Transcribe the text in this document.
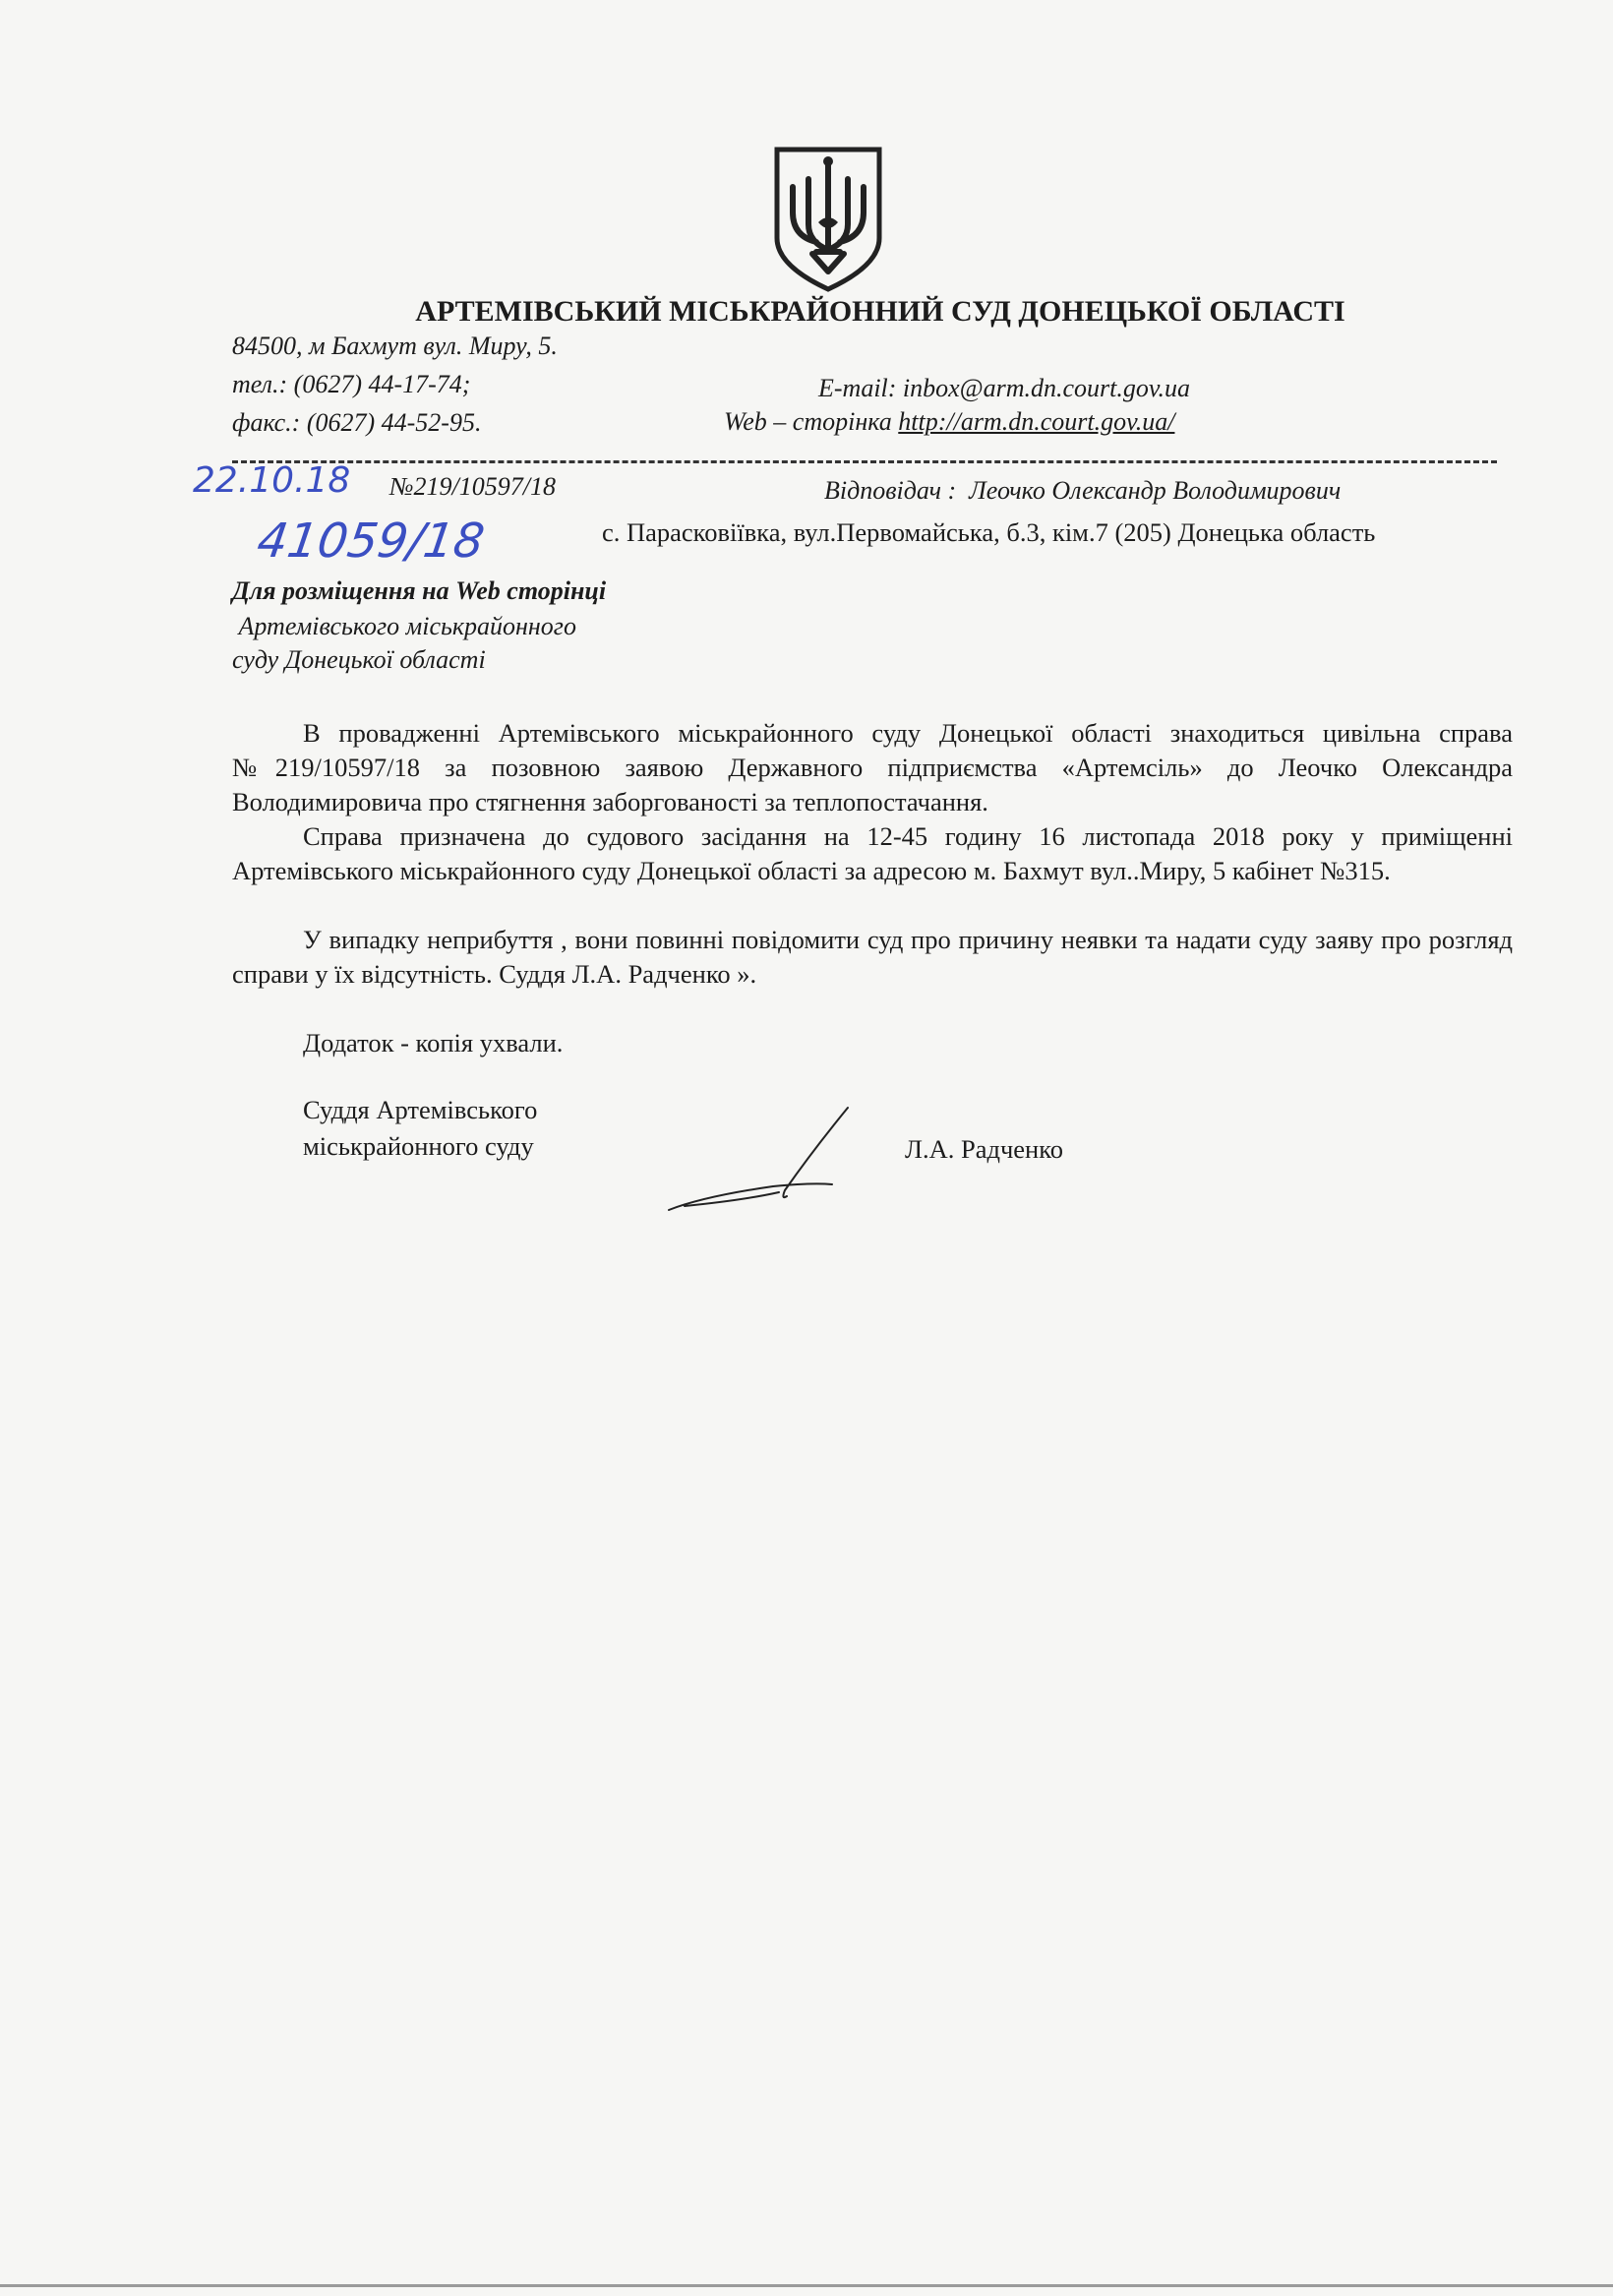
АРТЕМІВСЬКИЙ МІСЬКРАЙОННИЙ СУД ДОНЕЦЬКОЇ ОБЛАСТІ
84500, м Бахмут вул. Миру, 5.
тел.: (0627) 44-17-74;
факс.: (0627) 44-52-95.
E-mail: inbox@arm.dn.court.gov.ua
Web – сторінка http://arm.dn.court.gov.ua/
22.10.18 №219/10597/18
41059/18
Відповідач : Леочко Олександр Володимирович
с. Парасковіївка, вул.Первомайська, б.3, кім.7 (205) Донецька область
Для розміщення на Web сторінці
Артемівського міськрайонного
суду Донецької області

В провадженні Артемівського міськрайонного суду Донецької області знаходиться цивільна справа №219/10597/18 за позовною заявою Державного підприємства «Артемсіль» до Леочко Олександра Володимировича про стягнення заборгованості за теплопостачання.

Справа призначена до судового засідання на 12-45 годину 16 листопада 2018 року у приміщенні Артемівського міськрайонного суду Донецької області за адресою м. Бахмут вул..Миру, 5 кабінет №315.

У випадку неприбуття , вони повинні повідомити суд про причину неявки та надати суду заяву про розгляд справи у їх відсутність. Суддя Л.А. Радченко ».

Додаток - копія ухвали.
Суддя Артемівського
міськрайонного суду	Л.А. Радченко
